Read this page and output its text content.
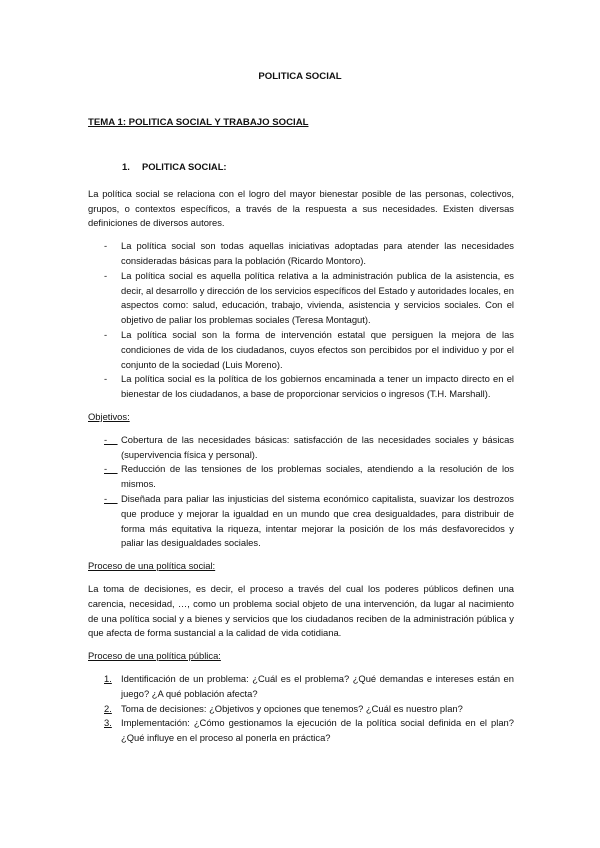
POLITICA SOCIAL
TEMA 1: POLITICA SOCIAL Y TRABAJO SOCIAL
1. POLITICA SOCIAL:

La política social se relaciona con el logro del mayor bienestar posible de las personas, colectivos, grupos, o contextos específicos, a través de la respuesta a sus necesidades. Existen diversas definiciones de diversos autores.

- La política social son todas aquellas iniciativas adoptadas para atender las necesidades consideradas básicas para la población (Ricardo Montoro).
- La política social es aquella política relativa a la administración publica de la asistencia, es decir, al desarrollo y dirección de los servicios específicos del Estado y autoridades locales, en aspectos como: salud, educación, trabajo, vivienda, asistencia y servicios sociales. Con el objetivo de paliar los problemas sociales (Teresa Montagut).
- La política social son la forma de intervención estatal que persiguen la mejora de las condiciones de vida de los ciudadanos, cuyos efectos son percibidos por el individuo y por el conjunto de la sociedad (Luis Moreno).
- La política social es la política de los gobiernos encaminada a tener un impacto directo en el bienestar de los ciudadanos, a base de proporcionar servicios o ingresos (T.H. Marshall).
Objetivos:
- Cobertura de las necesidades básicas: satisfacción de las necesidades sociales y básicas (supervivencia física y personal).
- Reducción de las tensiones de los problemas sociales, atendiendo a la resolución de los mismos.
- Diseñada para paliar las injusticias del sistema económico capitalista, suavizar los destrozos que produce y mejorar la igualdad en un mundo que crea desigualdades, para distribuir de forma más equitativa la riqueza, intentar mejorar la posición de los más desfavorecidos y paliar las desigualdades sociales.
Proceso de una política social:

La toma de decisiones, es decir, el proceso a través del cual los poderes públicos definen una carencia, necesidad, …, como un problema social objeto de una intervención, da lugar al nacimiento de una política social y a bienes y servicios que los ciudadanos reciben de la administración pública y que afecta de forma sustancial a la calidad de vida cotidiana.

Proceso de una política pública:
1. Identificación de un problema: ¿Cuál es el problema? ¿Qué demandas e intereses están en juego? ¿A qué población afecta?
2. Toma de decisiones: ¿Objetivos y opciones que tenemos? ¿Cuál es nuestro plan?
3. Implementación: ¿Cómo gestionamos la ejecución de la política social definida en el plan? ¿Qué influye en el proceso al ponerla en práctica?
